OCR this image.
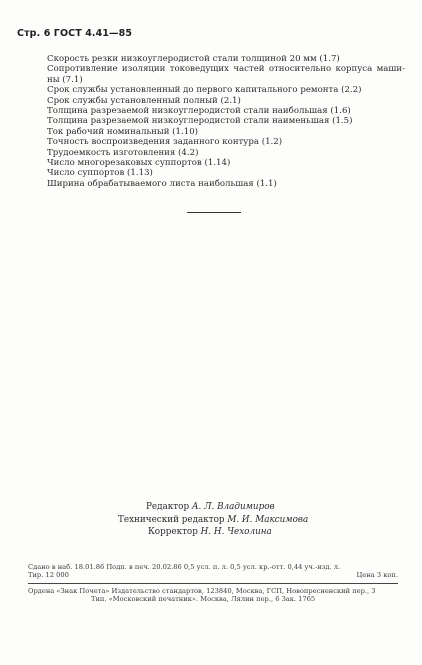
Стр. 6 ГОСТ 4.41—85
Скорость резки низкоуглеродистой стали толщиной 20 мм (1.7)
Сопротивление изоляции токоведущих частей относительно корпуса маши-
ны (7.1)
Срок службы установленный до первого капитального ремонта (2.2)
Срок службы установленный полный (2.1)
Толщина разрезаемой низкоуглеродистой стали наибольшая (1.6)
Толщина разрезаемой низкоуглеродистой стали наименьшая (1.5)
Ток рабочий номинальный (1.10)
Точность воспроизведения заданного контура (1.2)
Трудоемкость изготовления (4.2)
Число многорезаковых суппортов (1.14)
Число суппортов (1.13)
Ширина обрабатываемого листа наибольшая (1.1)
Редактор А. Л. Владимиров
Технический редактор М. И. Максимова
Корректор Н. Н. Чехолина
Сдано в наб. 18.01.86 Подп. в печ. 20.02.86 0,5 усл. п. л. 0,5 усл. кр.-отт. 0,44 уч.-изд. л.
Тир. 12 000	Цена 3 коп.
Ордена «Знак Почета» Издательство стандартов, 123840, Москва, ГСП, Новопресненский пер., 3
Тип. «Московский печатник». Москва, Лялин пер., 6 Зак. 1765
